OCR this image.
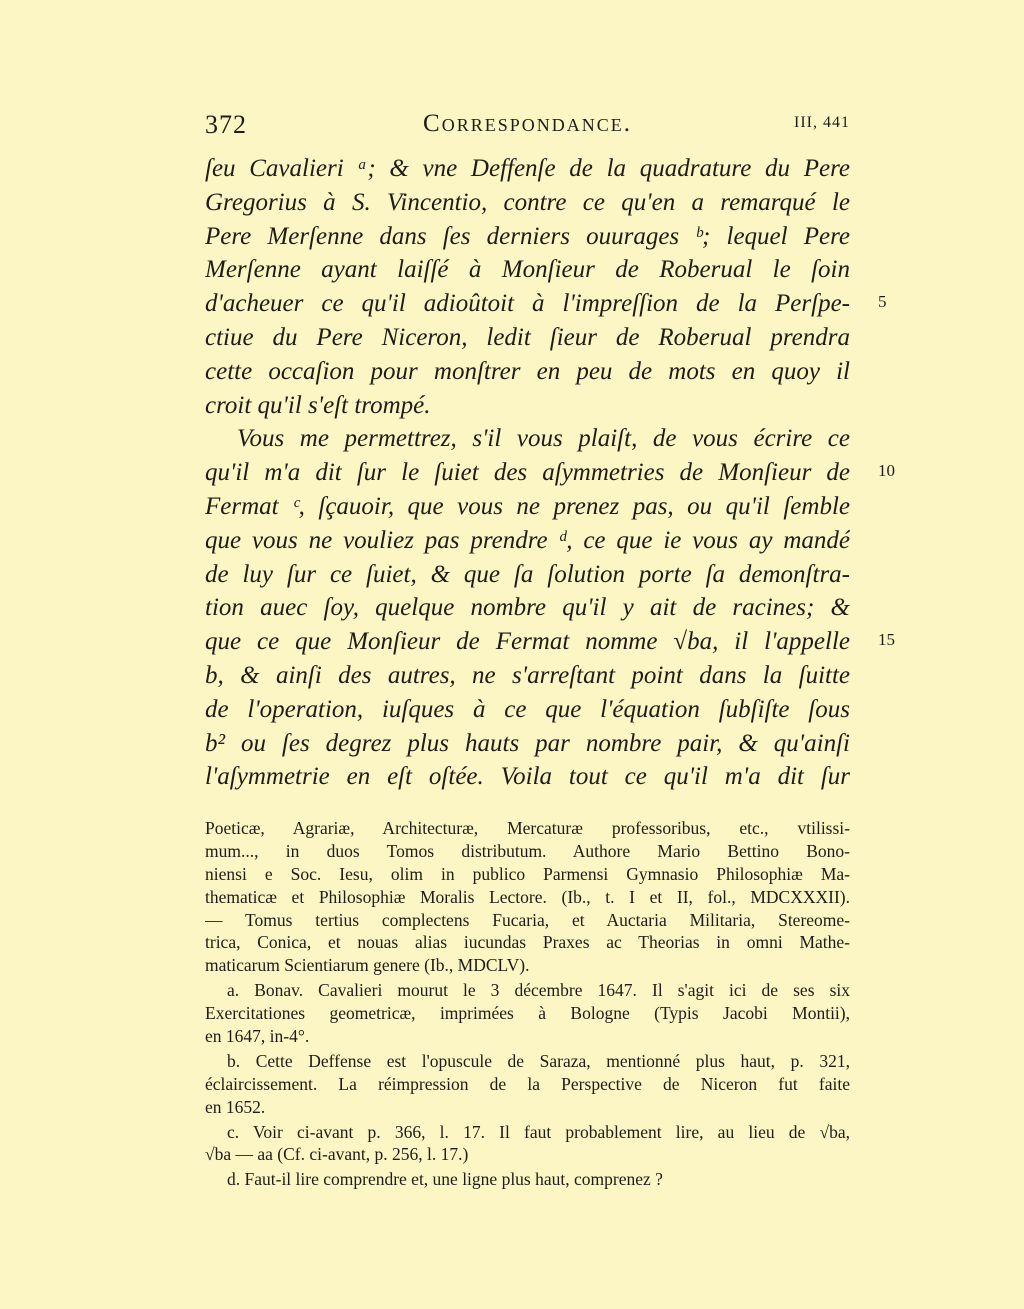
372	Correspondance.	III, 441
ſeu Cavalieri ᵃ; & vne Deffenſe de la quadrature du Pere
Gregorius à S. Vincentio, contre ce qu'en a remarqué le
Pere Merſenne dans ſes derniers ouurages ᵇ; lequel Pere
Merſenne ayant laiſſé à Monſieur de Roberual le ſoin
d'acheuer ce qu'il adioûtoit à l'impreſſion de la Perſpe-
ctiue du Pere Niceron, ledit ſieur de Roberual prendra
cette occaſion pour monſtrer en peu de mots en quoy il
croit qu'il s'eſt trompé.
Vous me permettrez, s'il vous plaiſt, de vous écrire ce
qu'il m'a dit ſur le ſuiet des aſymmetries de Monſieur de
Fermat ᶜ, ſçauoir, que vous ne prenez pas, ou qu'il ſemble
que vous ne vouliez pas prendre ᵈ, ce que ie vous ay mandé
de luy ſur ce ſuiet, & que ſa ſolution porte ſa demonſtra-
tion auec ſoy, quelque nombre qu'il y ait de racines; &
que ce que Monſieur de Fermat nomme √ba, il l'appelle
b, & ainſi des autres, ne s'arreſtant point dans la ſuitte
de l'operation, iuſques à ce que l'équation ſubſiſte ſous
b² ou ſes degrez plus hauts par nombre pair, & qu'ainſi
l'aſymmetrie en eſt oſtée. Voila tout ce qu'il m'a dit ſur
5
10
15
Poeticæ, Agrariæ, Architecturæ, Mercaturæ professoribus, etc., vtilissi-
mum..., in duos Tomos distributum. Authore Mario Bettino Bono-
niensi e Soc. Iesu, olim in publico Parmensi Gymnasio Philosophiæ Ma-
thematicæ et Philosophiæ Moralis Lectore. (Ib., t. I et II, fol., MDCXXXII).
— Tomus tertius complectens Fucaria, et Auctaria Militaria, Stereome-
trica, Conica, et nouas alias iucundas Praxes ac Theorias in omni Mathe-
maticarum Scientiarum genere (Ib., MDCLV).
a. Bonav. Cavalieri mourut le 3 décembre 1647. Il s'agit ici de ses six
Exercitationes geometricæ, imprimées à Bologne (Typis Jacobi Montii),
en 1647, in-4°.
b. Cette Deffense est l'opuscule de Saraza, mentionné plus haut, p. 321,
éclaircissement. La réimpression de la Perspective de Niceron fut faite
en 1652.
c. Voir ci-avant p. 366, l. 17. Il faut probablement lire, au lieu de √ba,
√ba — aa (Cf. ci-avant, p. 256, l. 17.)
d. Faut-il lire comprendre et, une ligne plus haut, comprenez ?
